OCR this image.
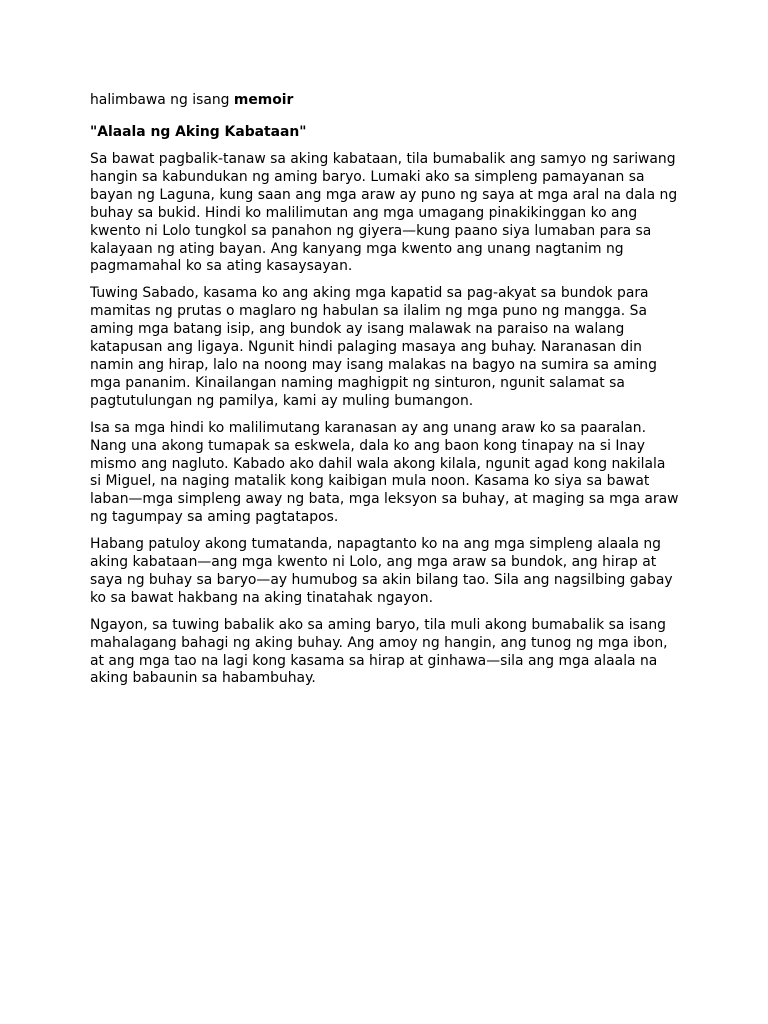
halimbawa ng isang memoir

"Alaala ng Aking Kabataan"

Sa bawat pagbalik-tanaw sa aking kabataan, tila bumabalik ang samyo ng sariwang hangin sa kabundukan ng aming baryo. Lumaki ako sa simpleng pamayanan sa bayan ng Laguna, kung saan ang mga araw ay puno ng saya at mga aral na dala ng buhay sa bukid. Hindi ko malilimutan ang mga umagang pinakikinggan ko ang kwento ni Lolo tungkol sa panahon ng giyera—kung paano siya lumaban para sa kalayaan ng ating bayan. Ang kanyang mga kwento ang unang nagtanim ng pagmamahal ko sa ating kasaysayan.

Tuwing Sabado, kasama ko ang aking mga kapatid sa pag-akyat sa bundok para mamitas ng prutas o maglaro ng habulan sa ilalim ng mga puno ng mangga. Sa aming mga batang isip, ang bundok ay isang malawak na paraiso na walang katapusan ang ligaya. Ngunit hindi palaging masaya ang buhay. Naranasan din namin ang hirap, lalo na noong may isang malakas na bagyo na sumira sa aming mga pananim. Kinailangan naming maghigpit ng sinturon, ngunit salamat sa pagtutulungan ng pamilya, kami ay muling bumangon.

Isa sa mga hindi ko malilimutang karanasan ay ang unang araw ko sa paaralan. Nang una akong tumapak sa eskwela, dala ko ang baon kong tinapay na si Inay mismo ang nagluto. Kabado ako dahil wala akong kilala, ngunit agad kong nakilala si Miguel, na naging matalik kong kaibigan mula noon. Kasama ko siya sa bawat laban—mga simpleng away ng bata, mga leksyon sa buhay, at maging sa mga araw ng tagumpay sa aming pagtatapos.

Habang patuloy akong tumatanda, napagtanto ko na ang mga simpleng alaala ng aking kabataan—ang mga kwento ni Lolo, ang mga araw sa bundok, ang hirap at saya ng buhay sa baryo—ay humubog sa akin bilang tao. Sila ang nagsilbing gabay ko sa bawat hakbang na aking tinatahak ngayon.

Ngayon, sa tuwing babalik ako sa aming baryo, tila muli akong bumabalik sa isang mahalagang bahagi ng aking buhay. Ang amoy ng hangin, ang tunog ng mga ibon, at ang mga tao na lagi kong kasama sa hirap at ginhawa—sila ang mga alaala na aking babaunin sa habambuhay.
